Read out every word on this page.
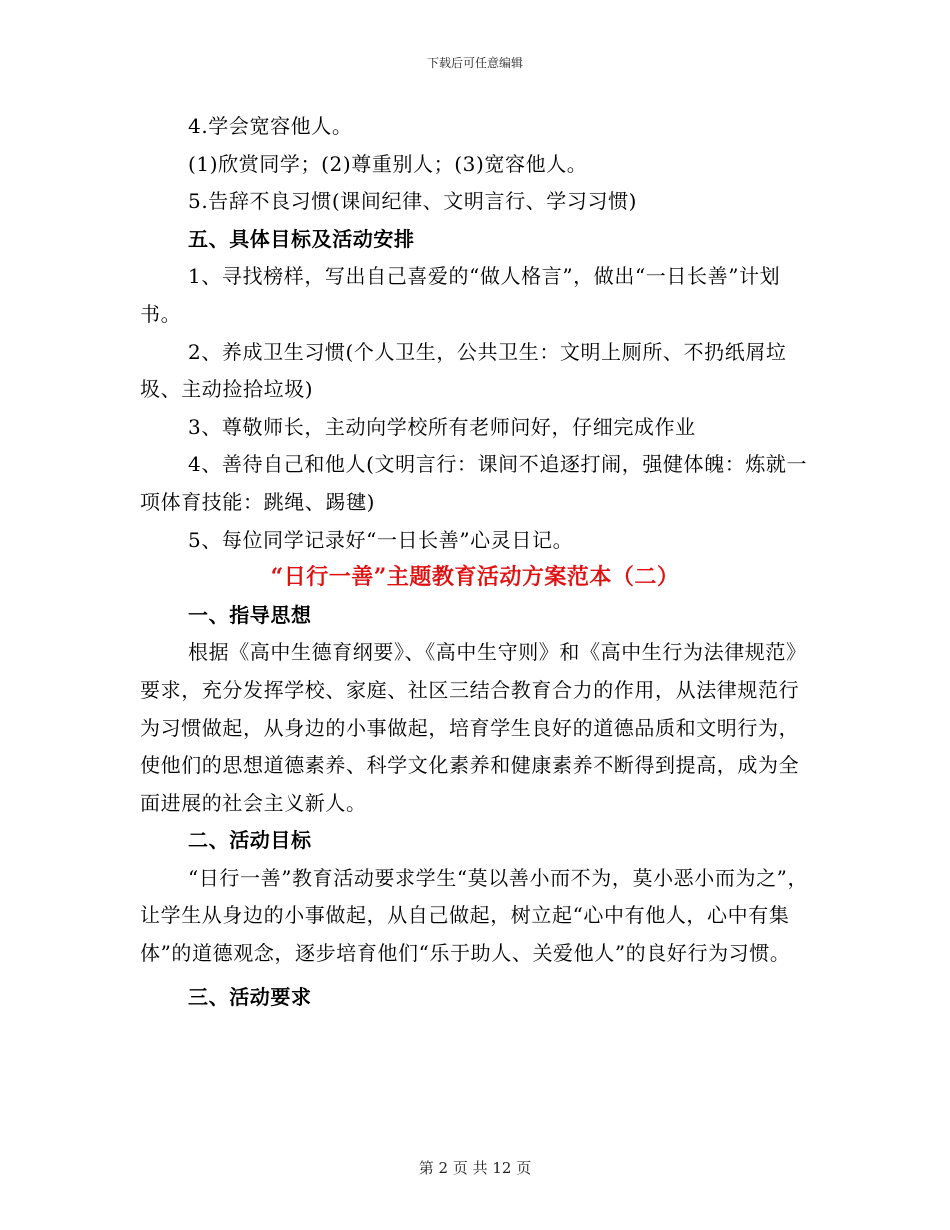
下载后可任意编辑

4.学会宽容他人。

(1)欣赏同学；(2)尊重别人；(3)宽容他人。

5.告辞不良习惯(课间纪律、文明言行、学习习惯)

五、具体目标及活动安排

1、寻找榜样，写出自己喜爱的“做人格言”，做出“一日长善”计划书。

2、养成卫生习惯(个人卫生，公共卫生：文明上厕所、不扔纸屑垃圾、主动捡拾垃圾)

3、尊敬师长，主动向学校所有老师问好，仔细完成作业

4、善待自己和他人(文明言行：课间不追逐打闹，强健体魄：炼就一项体育技能：跳绳、踢毽)

5、每位同学记录好“一日长善”心灵日记。

“日行一善”主题教育活动方案范本（二）

一、指导思想

根据《高中生德育纲要》、《高中生守则》和《高中生行为法律规范》要求，充分发挥学校、家庭、社区三结合教育合力的作用，从法律规范行为习惯做起，从身边的小事做起，培育学生良好的道德品质和文明行为，使他们的思想道德素养、科学文化素养和健康素养不断得到提高，成为全面进展的社会主义新人。

二、活动目标

“日行一善”教育活动要求学生“莫以善小而不为，莫小恶小而为之”，让学生从身边的小事做起，从自己做起，树立起“心中有他人，心中有集体”的道德观念，逐步培育他们“乐于助人、关爱他人”的良好行为习惯。

三、活动要求

第 2 页 共 12 页
